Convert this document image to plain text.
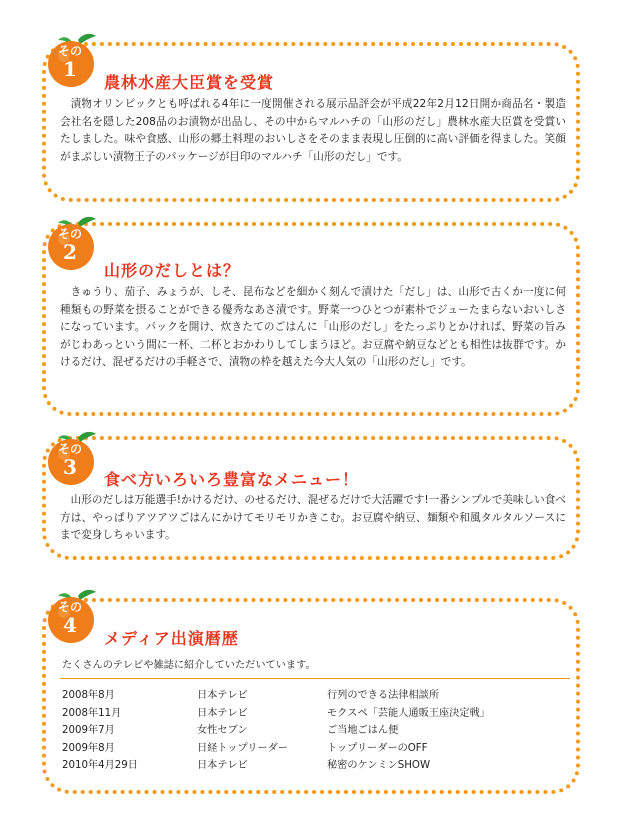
その
1
農林水産大臣賞を受賞
漬物オリンピックとも呼ばれる4年に一度開催される展示品評会が平成22年2月12日開か商品名・製造会社名を隠した208品のお漬物が出品し、その中からマルハチの「山形のだし」農林水産大臣賞を受賞いたしました。味や食感、山形の郷土料理のおいしさをそのまま表現し圧倒的に高い評価を得ました。笑顔がまぶしい漬物王子のパッケージが目印のマルハチ「山形のだし」です。
その
2
山形のだしとは？
きゅうり、茄子、みょうが、しそ、昆布などを細かく刻んで漬けた「だし」は、山形で古くか一度に何種類もの野菜を摂ることができる優秀なあさ漬です。野菜一つひとつが素朴でジューたまらないおいしさになっています。パックを開け、炊きたてのごはんに「山形のだし」をたっぷりとかければ、野菜の旨みがじわあっという間に一杯、二杯とおかわりしてしまうほど。お豆腐や納豆などとも相性は抜群です。かけるだけ、混ぜるだけの手軽さで、漬物の枠を越えた今大人気の「山形のだし」です。
その
3
食べ方いろいろ豊富なメニュー！
山形のだしは万能選手!かけるだけ、のせるだけ、混ぜるだけで大活躍です!一番シンプルで美味しい食べ方は、やっぱりアツアツごはんにかけてモリモリかきこむ。お豆腐や納豆、麺類や和風タルタルソースにまで変身しちゃいます。
その
4
メディア出演暦歴
たくさんのテレビや雑誌に紹介していただいています。
2008年8月	日本テレビ	行列のできる法律相談所
2008年11月	日本テレビ	モクスペ「芸能人通販王座決定戦」
2009年7月	女性セブン	ご当地ごはん便
2009年8月	日経トップリーダー	トップリーダーのOFF
2010年4月29日	日本テレビ	秘密のケンミンSHOW
